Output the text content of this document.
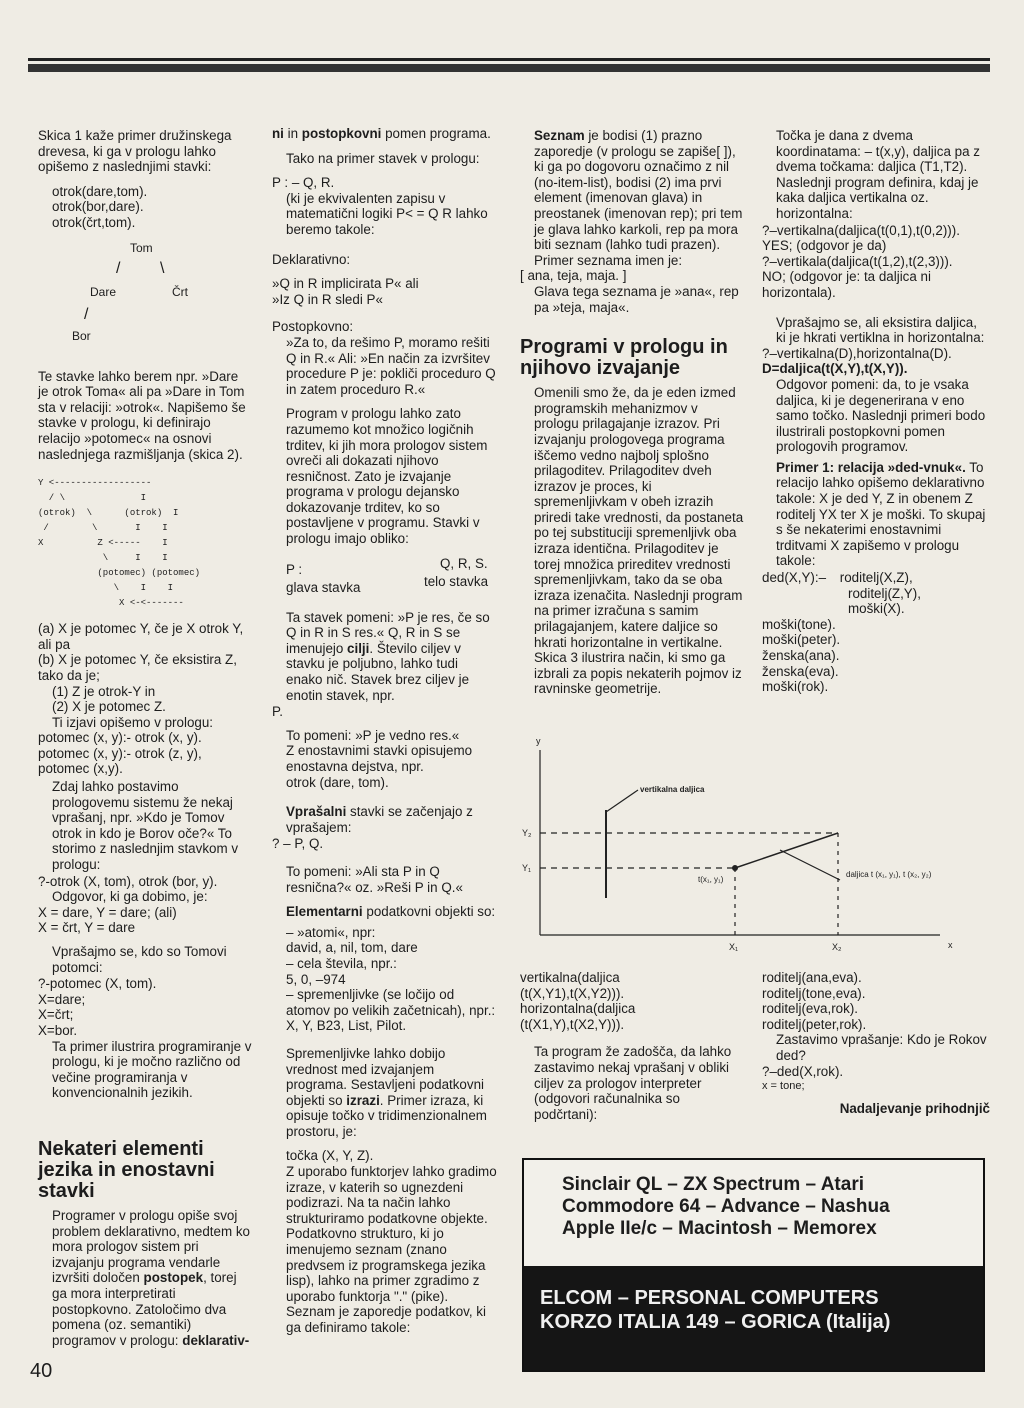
Skica 1 kaže primer družinskega drevesa, ki ga v prologu lahko opišemo z naslednjimi stavki:

otrok(dare,tom).
otrok(bor,dare).
otrok(črt,tom).
Tom
/ \
Dare	Črt
/
Bor

Te stavke lahko berem npr. »Dare je otrok Toma« ali pa »Dare in Tom sta v relaciji: »otrok«. Napišemo še stavke v prologu, ki definirajo relacijo »potomec« na osnovi naslednjega razmišljanja (skica 2).

Y <------------------
/ \              I
(otrok)  \      (otrok)  I
/        \       I    I
X          Z <-----    I
\     I    I
(potomec) (potomec)
\    I    I
X <-<-------
(a) X je potomec Y, če je X otrok Y, ali pa
(b) X je potomec Y, če eksistira Z, tako da je;
(1) Z je otrok-Y in
(2) X je potomec Z.
Ti izjavi opišemo v prologu:
potomec (x, y):- otrok (x, y).
potomec (x, y):- otrok (z, y),
potomec (x,y).

Zdaj lahko postavimo prologovemu sistemu že nekaj vprašanj, npr. »Kdo je Tomov otrok in kdo je Borov oče?« To storimo z naslednjim stavkom v prologu:

?-otrok (X, tom), otrok (bor, y).
Odgovor, ki ga dobimo, je:
X = dare, Y = dare; (ali)
X = črt, Y = dare

Vprašajmo se, kdo so Tomovi potomci:

?-potomec (X, tom).
X=dare;
X=črt;
X=bor.

Ta primer ilustrira programiranje v prologu, ki je močno različno od večine programiranja v konvencionalnih jezikih.

Nekateri elementi jezika in enostavni stavki

Programer v prologu opiše svoj problem deklarativno, medtem ko mora prologov sistem pri izvajanju programa vendarle izvršiti določen postopek, torej ga mora interpretirati postopkovno. Zatoločimo dva pomena (oz. semantiki) programov v prologu: deklarativ-

ni in postopkovni pomen programa.

Tako na primer stavek v prologu:

P : – Q, R.

(ki je ekvivalenten zapisu v matematični logiki P< = Q R lahko beremo takole:

Deklarativno:

»Q in R implicirata P« ali

»Iz Q in R sledi P«

Postopkovno:

»Za to, da rešimo P, moramo rešiti Q in R.« Ali: »En način za izvršitev procedure P je: pokliči proceduro Q in zatem proceduro R.«

Program v prologu lahko zato razumemo kot množico logičnih trditev, ki jih mora prologov sistem ovreči ali dokazati njihovo resničnost. Zato je izvajanje programa v prologu dejansko dokazovanje trditev, ko so postavljene v programu. Stavki v prologu imajo obliko:

P :	Q, R, S.
glava stavka	telo stavka

Ta stavek pomeni: »P je res, če so Q in R in S res.« Q, R in S se imenujejo cilji. Število ciljev v stavku je poljubno, lahko tudi enako nič. Stavek brez ciljev je enotin stavek, npr.

P.
To pomeni: »P je vedno res.«
Z enostavnimi stavki opisujemo enostavna dejstva, npr.

otrok (dare, tom).

Vprašalni stavki se začenjajo z vprašajem:

? – P, Q.

To pomeni: »Ali sta P in Q resnična?« oz. »Reši P in Q.«

Elementarni podatkovni objekti so:

– »atomi«, npr:
david, a, nil, tom, dare
– cela števila, npr.:
5, 0, –974

– spremenljivke (se ločijo od atomov po velikih začetnicah), npr.: X, Y, B23, List, Pilot.

Spremenljivke lahko dobijo vrednost med izvajanjem programa. Sestavljeni podatkovni objekti so izrazi. Primer izraza, ki opisuje točko v tridimenzionalnem prostoru, je:

točka (X, Y, Z).

Z uporabo funktorjev lahko gradimo izraze, v katerih so ugnezdeni podizrazi. Na ta način lahko strukturiramo podatkovne objekte. Podatkovno strukturo, ki jo imenujemo seznam (znano predvsem iz programskega jezika lisp), lahko na primer zgradimo z uporabo funktorja "." (pike). Seznam je zaporedje podatkov, ki ga definiramo takole:

Seznam je bodisi (1) prazno zaporedje (v prologu se zapiše[ ]), ki ga po dogovoru označimo z nil (no-item-list), bodisi (2) ima prvi element (imenovan glava) in preostanek (imenovan rep); pri tem je glava lahko karkoli, rep pa mora biti seznam (lahko tudi prazen).

Primer seznama imen je:
[ ana, teja, maja. ]

Glava tega seznama je »ana«, rep pa »teja, maja«.

Programi v prologu in njihovo izvajanje

Omenili smo že, da je eden izmed programskih mehanizmov v prologu prilagajanje izrazov. Pri izvajanju prologovega programa iščemo vedno najbolj splošno prilagoditev. Prilagoditev dveh izrazov je proces, ki spremenljivkam v obeh izrazih priredi take vrednosti, da postaneta po tej substituciji spremenljivk oba izraza identična. Prilagoditev je torej množica prireditev vrednosti spremenljivkam, tako da se oba izraza izenačita. Naslednji program na primer izračuna s samim prilagajanjem, katere daljice so hkrati horizontalne in vertikalne. Skica 3 ilustrira način, ki smo ga izbrali za popis nekaterih pojmov iz ravninske geometrije.

Točka je dana z dvema koordinatama: – t(x,y), daljica pa z dvema točkama: daljica (T1,T2). Naslednji program definira, kdaj je kaka daljica vertikalna oz. horizontalna:

?–vertikalna(daljica(t(0,1),t(0,2))).
YES; (odgovor je da)
?–vertikala(daljica(t(1,2),t(2,3))).

NO; (odgovor je: ta daljica ni horizontala).

Vprašajmo se, ali eksistira daljica, ki je hkrati vertiklna in horizontalna:

?–vertikalna(D),horizontalna(D).
D=daljica(t(X,Y),t(X,Y)).

Odgovor pomeni: da, to je vsaka daljica, ki je degenerirana v eno samo točko. Naslednji primeri bodo ilustrirali postopkovni pomen prologovih programov.

Primer 1: relacija »ded-vnuk«. To relacijo lahko opišemo deklarativno takole: X je ded Y, Z in obenem Z roditelj YX ter X je moški. To skupaj s še nekaterimi enostavnimi trditvami X zapišemo v prologu takole:

ded(X,Y):– roditelj(X,Z),
roditelj(Z,Y),
moški(X).
moški(tone).
moški(peter).
ženska(ana).
ženska(eva).
moški(rok).
y
x
Y₂
Y₁
X₁	X₂
vertikalna daljica
t(x₁, y₁)
daljica t (x₁, y₁), t (x₂, y₂)
vertikalna(daljica
(t(X,Y1),t(X,Y2))).
horizontalna(daljica

(t(X1,Y),t(X2,Y))).

Ta program že zadošča, da lahko zastavimo nekaj vprašanj v obliki ciljev za prologov interpreter (odgovori računalnika so podčrtani):

roditelj(ana,eva).
roditelj(tone,eva).
roditelj(eva,rok).
roditelj(peter,rok).
Zastavimo vprašanje: Kdo je Rokov ded?
?–ded(X,rok).
x = tone;
Nadaljevanje prihodnjič
Sinclair QL – ZX Spectrum – Atari
Commodore 64 – Advance – Nashua
Apple IIe/c – Macintosh – Memorex
ELCOM – PERSONAL COMPUTERS
KORZO ITALIA 149 – GORICA (Italija)
40
